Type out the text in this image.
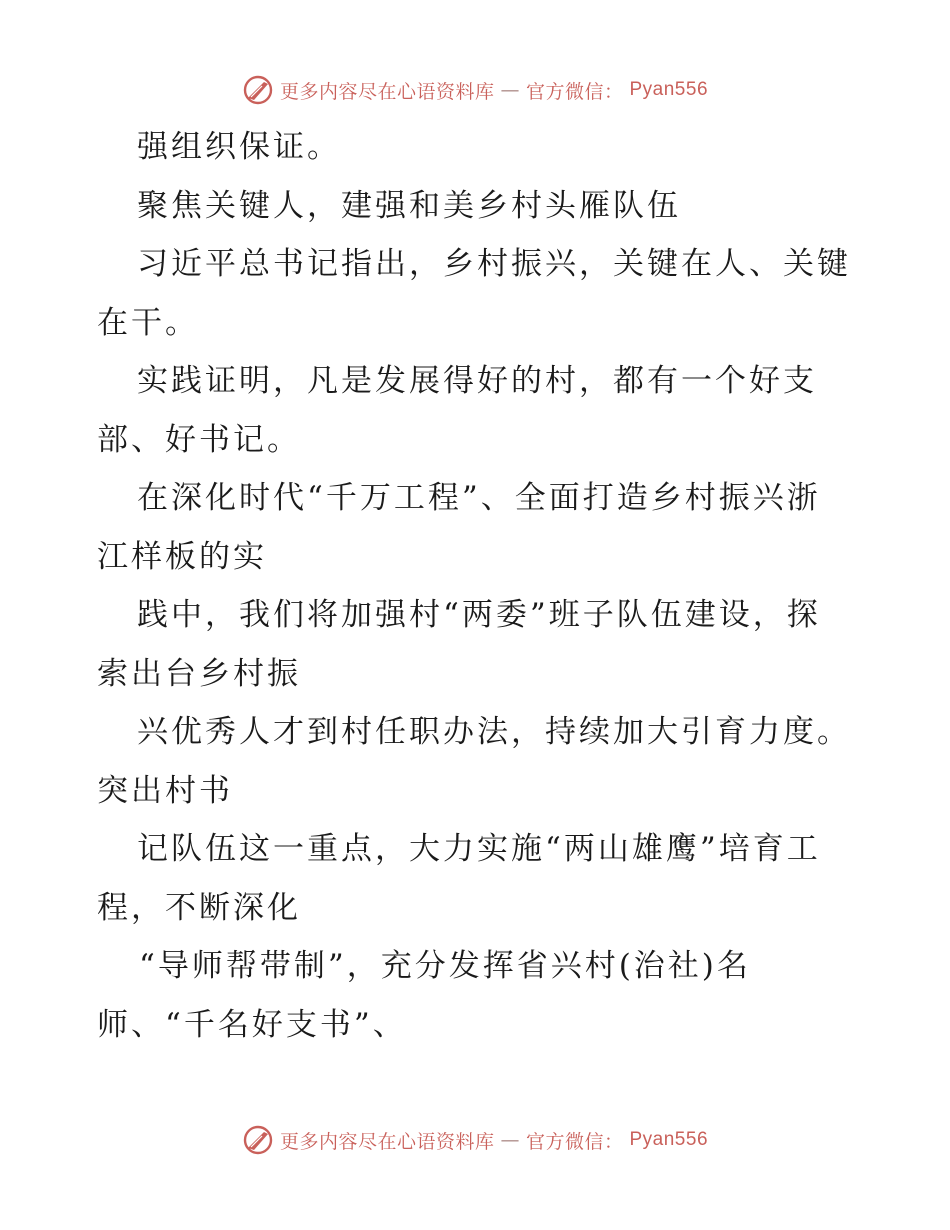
更多内容尽在心语资料库 — 官方微信： Pyan556
强组织保证。
聚焦关键人，建强和美乡村头雁队伍
习近平总书记指出，乡村振兴，关键在人、关键
在干。
实践证明，凡是发展得好的村，都有一个好支
部、好书记。
在深化时代“千万工程”、全面打造乡村振兴浙
江样板的实
践中，我们将加强村“两委”班子队伍建设，探
索出台乡村振
兴优秀人才到村任职办法，持续加大引育力度。
突出村书
记队伍这一重点，大力实施“两山雄鹰”培育工
程，不断深化
“导师帮带制”，充分发挥省兴村(治社)名
师、“千名好支书”、
更多内容尽在心语资料库 — 官方微信： Pyan556
